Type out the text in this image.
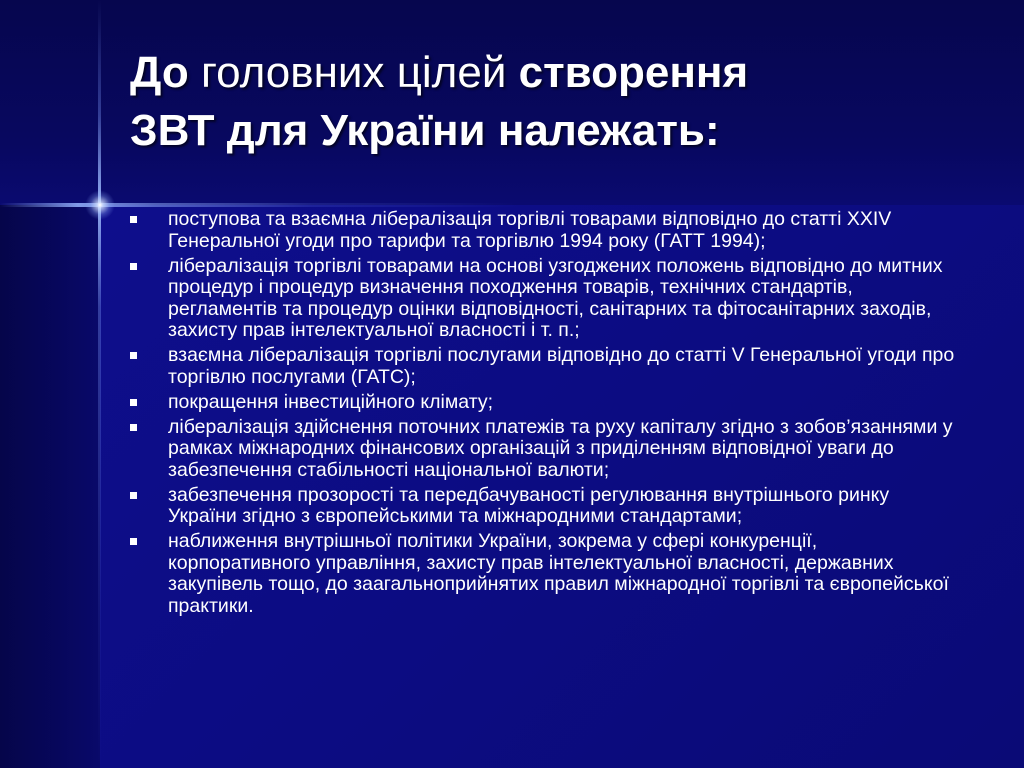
До головних цілей створення
ЗВТ для України належать:
поступова та взаємна лібералізація торгівлі товарами відповідно до статті XXIV Генеральної угоди про тарифи та торгівлю 1994 року (ГАТТ 1994);
лібералізація торгівлі товарами на основі узгоджених положень відповідно до митних процедур і процедур визначення походження товарів, технічних стандартів, регламентів та процедур оцінки відповідності, санітарних та фітосанітарних заходів, захисту прав інтелектуальної власності і т. п.;
взаємна лібералізація торгівлі послугами відповідно до статті V Генеральної угоди про торгівлю послугами (ГАТС);
покращення інвестиційного клімату;
лібералізація здійснення поточних платежів та руху капіталу згідно з зобов’язаннями у рамках міжнародних фінансових організацій з приділенням відповідної уваги до забезпечення стабільності національної валюти;
забезпечення прозорості та передбачуваності регулювання внутрішнього ринку України згідно з європейськими та міжнародними стандартами;
наближення внутрішньої політики України, зокрема у сфері конкуренції, корпоративного управління, захисту прав інтелектуальної власності, державних закупівель тощо, до заагальноприйнятих правил міжнародної торгівлі та європейської практики.
